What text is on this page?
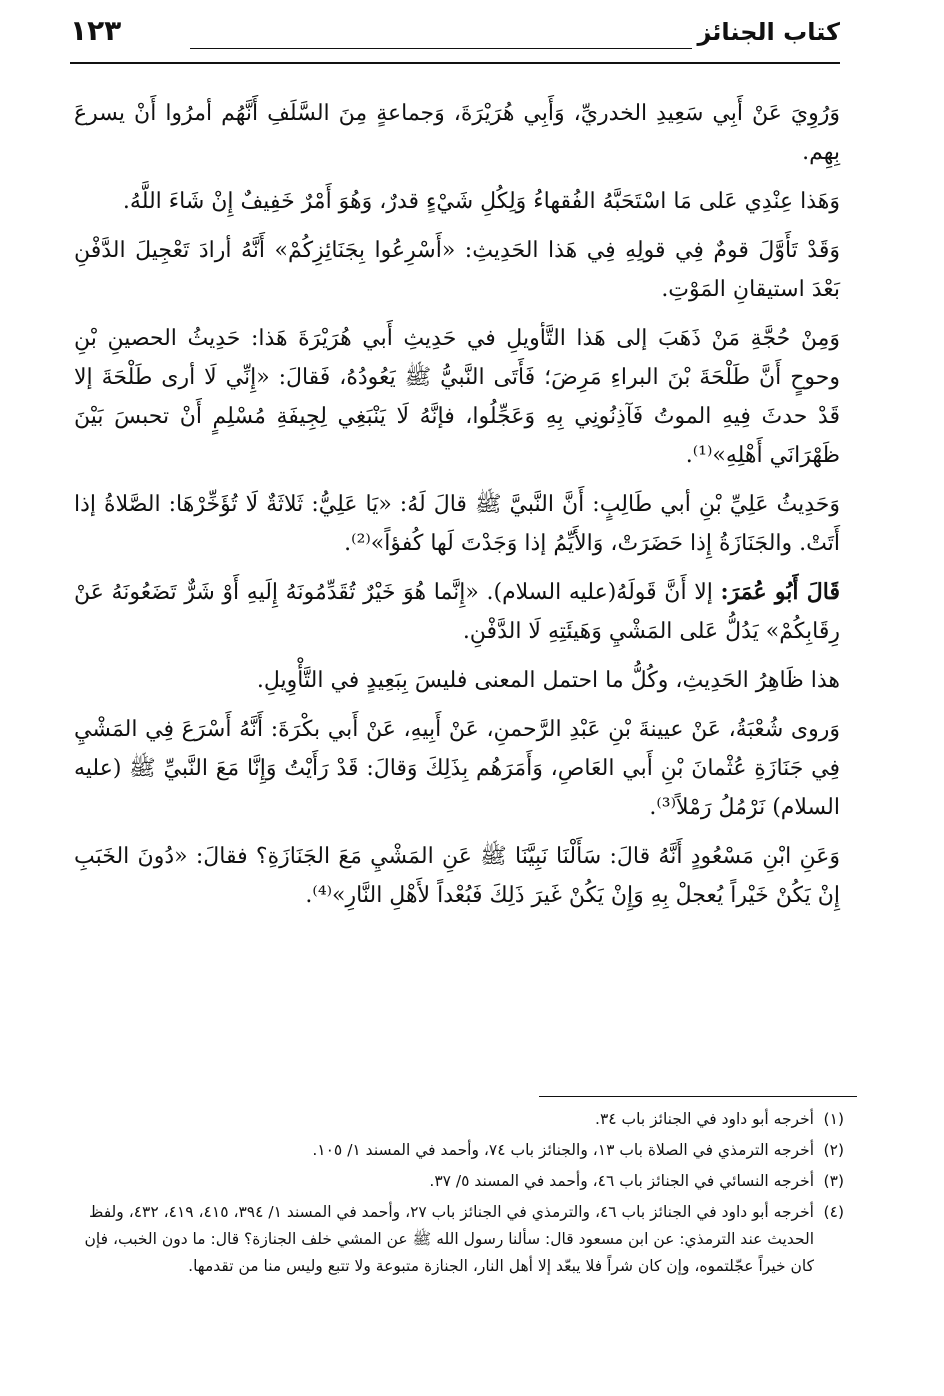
كتاب الجنائز
١٢٣

وَرُوِيَ عَنْ أَبِي سَعِيدِ الخدريِّ، وَأَبِي هُرَيْرَةَ، وَجماعةٍ مِنَ السَّلَفِ أَنَّهُم أمرُوا أَنْ يسرعَ بِهِم.

وَهَذا عِنْدِي عَلى مَا اسْتَحَبَّهُ الفُقهاءُ وَلِكُلِ شَيْءٍ قدرٌ، وَهُوَ أَمْرٌ خَفِيفٌ إِنْ شَاءَ اللَّهُ.

وَقَدْ تَأَوَّلَ قومٌ فِي قولِهِ فِي هَذا الحَدِيثِ: «أَسْرِعُوا بِجَنَائِزِكُمْ» أَنَّهُ أرادَ تَعْجِيلَ الدَّفْنِ بَعْدَ استيقانِ المَوْتِ.

وَمِنْ حُجَّةِ مَنْ ذَهَبَ إلى هَذا التَّأويلِ في حَدِيثِ أَبي هُرَيْرَةَ هَذا: حَدِيثُ الحصينِ بْنِ وحوحٍ أَنَّ طَلْحَةَ بْنَ البراءِ مَرِضَ؛ فَأَتَى النَّبيُّ ﷺ يَعُودُهُ، فَقالَ: «إِنِّي لَا أرى طَلْحَةَ إلا قَدْ حدثَ فِيهِ الموتُ فَآذِنُونِي بِهِ وَعَجِّلُوا، فإنَّهُ لَا يَنْبَغِي لِجِيفَةِ مُسْلِمٍ أَنْ تحبسَ بَيْنَ ظَهْرَانَي أَهْلِهِ»⁽¹⁾.

وَحَدِيثُ عَلِيِّ بْنِ أبي طَالِبٍ: أَنَّ النَّبيَّ ﷺ قالَ لَهُ: «يَا عَلِيُّ: ثَلاثَةٌ لَا تُؤَخِّرْهَا: الصَّلاةُ إذا أَتَتْ. والجَنَازَةُ إِذا حَضَرَتْ، وَالأَيِّمُ إذا وَجَدْتَ لَها كُفؤاً»⁽²⁾.

قَالَ أَبُو عُمَرَ: إلا أَنَّ قَولَهُ(عليه السلام). «إِنَّما هُوَ خَيْرٌ تُقَدِّمُونَهُ إِلَيهِ أَوْ شَرٌّ تَضَعُونَهُ عَنْ رِقَابِكُمْ» يَدُلُّ عَلى المَشْيِ وَهَيئَتِهِ لَا الدَّفْنِ.

هذا ظَاهِرُ الحَدِيثِ، وكُلُّ ما احتمل المعنى فليسَ بِبَعِيدٍ في التَّأْوِيلِ.

وَروى شُعْبَةُ، عَنْ عيينةَ بْنِ عَبْدِ الرَّحمنِ، عَنْ أَبِيهِ، عَنْ أَبي بكْرَةَ: أَنَّهُ أَسْرَعَ فِي المَشْيِ فِي جَنَازَةِ عُثْمانَ بْنِ أَبي العَاصِ، وَأَمَرَهُم بِذَلِكَ وَقالَ: قَدْ رَأَيْتُ وَإِنَّا مَعَ النَّبيِّ ﷺ (عليه السلام) نَرْمُلُ رَمْلاً⁽³⁾.

وَعَنِ ابْنِ مَسْعُودٍ أَنَّهُ قالَ: سَأَلْنَا نَبِيَّنَا ﷺ عَنِ المَشْيِ مَعَ الجَنَازَةِ؟ فقالَ: «دُونَ الخَبَبِ إِنْ يَكُنْ خَيْراً يُعجلْ بِهِ وَإِنْ يَكُنْ غَيرَ ذَلِكَ فَبُعْداً لأَهْلِ النَّارِ»⁽⁴⁾.

(١)
أخرجه أبو داود في الجنائز باب ٣٤.

(٢)
أخرجه الترمذي في الصلاة باب ١٣، والجنائز باب ٧٤، وأحمد في المسند ١/ ١٠٥.

(٣)
أخرجه النسائي في الجنائز باب ٤٦، وأحمد في المسند ٥/ ٣٧.

(٤)
أخرجه أبو داود في الجنائز باب ٤٦، والترمذي في الجنائز باب ٢٧، وأحمد في المسند ١/ ٣٩٤، ٤١٥، ٤١٩، ٤٣٢، ولفظ الحديث عند الترمذي: عن ابن مسعود قال: سألنا رسول الله ﷺ عن المشي خلف الجنازة؟ قال: ما دون الخبب، فإن كان خيراً عجّلتموه، وإن كان شراً فلا يبعّد إلا أهل النار، الجنازة متبوعة ولا تتبع وليس منا من تقدمها.
